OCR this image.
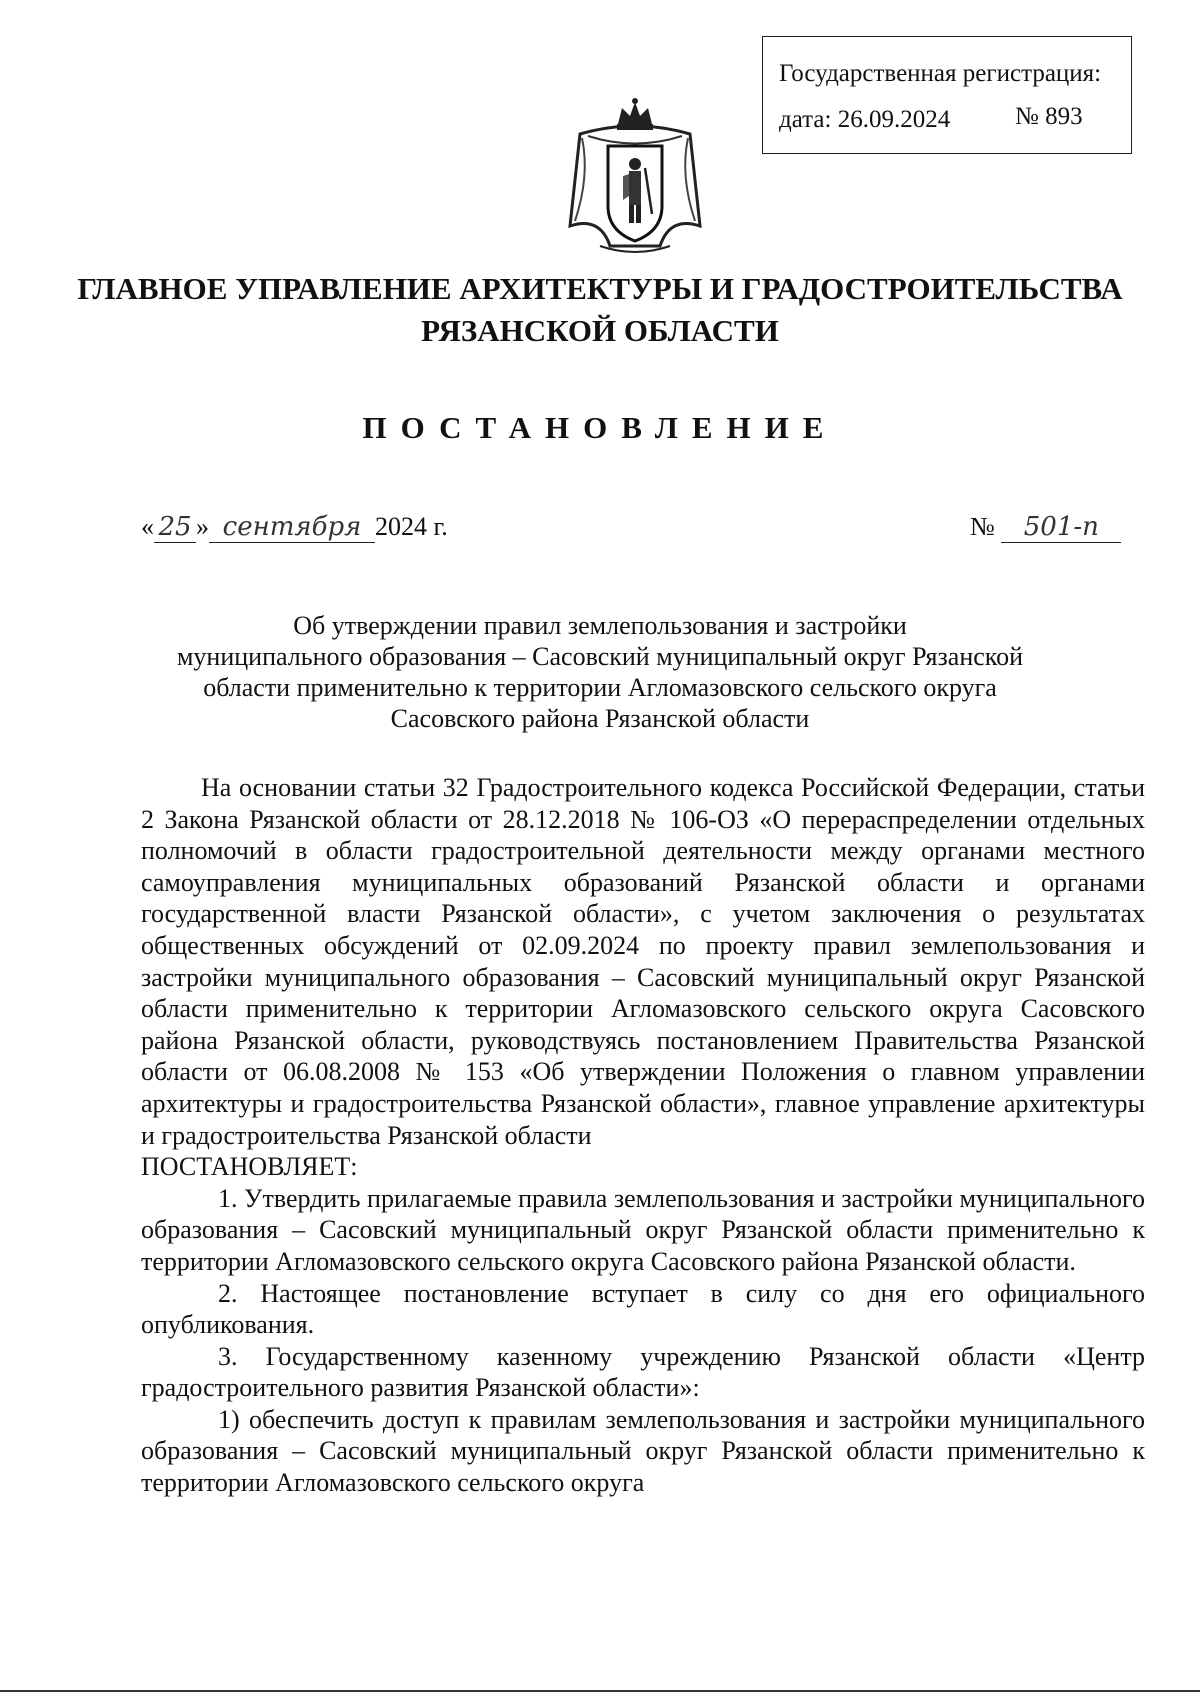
Государственная регистрация:
дата: 26.09.2024	№ 893
ГЛАВНОЕ УПРАВЛЕНИЕ АРХИТЕКТУРЫ И ГРАДОСТРОИТЕЛЬСТВА
РЯЗАНСКОЙ ОБЛАСТИ
ПОСТАНОВЛЕНИЕ
« 25 » сентября 2024 г.	№ 501-п
Об утверждении правил землепользования и застройки
муниципального образования – Сасовский муниципальный округ Рязанской
области применительно к территории Агломазовского сельского округа
Сасовского района Рязанской области

На основании статьи 32 Градостроительного кодекса Российской Федерации, статьи 2 Закона Рязанской области от 28.12.2018 № 106-ОЗ «О перераспределении отдельных полномочий в области градостроительной деятельности между органами местного самоуправления муниципальных образований Рязанской области и органами государственной власти Рязанской области», с учетом заключения о результатах общественных обсуждений от 02.09.2024 по проекту правил землепользования и застройки муниципального образования – Сасовский муниципальный округ Рязанской области применительно к территории Агломазовского сельского округа Сасовского района Рязанской области, руководствуясь постановлением Правительства Рязанской области от 06.08.2008 № 153 «Об утверждении Положения о главном управлении архитектуры и градостроительства Рязанской области», главное управление архитектуры и градостроительства Рязанской области

ПОСТАНОВЛЯЕТ:

1. Утвердить прилагаемые правила землепользования и застройки муниципального образования – Сасовский муниципальный округ Рязанской области применительно к территории Агломазовского сельского округа Сасовского района Рязанской области.

2. Настоящее постановление вступает в силу со дня его официального опубликования.

3. Государственному казенному учреждению Рязанской области «Центр градостроительного развития Рязанской области»:

1) обеспечить доступ к правилам землепользования и застройки муниципального образования – Сасовский муниципальный округ Рязанской области применительно к территории Агломазовского сельского округа
